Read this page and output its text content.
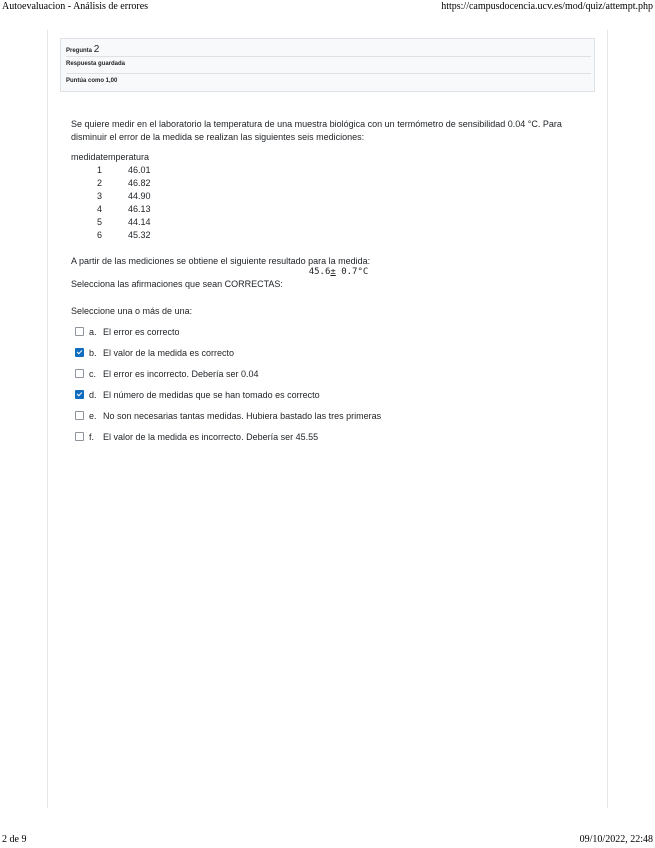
Autoevaluacion - Análisis de errores	https://campusdocencia.ucv.es/mod/quiz/attempt.php
Pregunta 2
Respuesta guardada
Puntúa como 1,00

Se quiere medir en el laboratorio la temperatura de una muestra biológica con un termómetro de sensibilidad 0.04 °C. Para disminuir el error de la medida se realizan las siguientes seis mediciones:

medidatemperatura	
1	46.01
2	46.82
3	44.90
4	46.13
5	44.14
6	45.32
A partir de las mediciones se obtiene el siguiente resultado para la medida:
45.6± 0.7°C
Selecciona las afirmaciones que sean CORRECTAS:
Seleccione una o más de una:
a. El error es correcto
b. El valor de la medida es correcto
c. El error es incorrecto. Debería ser 0.04
d. El número de medidas que se han tomado es correcto
e. No son necesarias tantas medidas. Hubiera bastado las tres primeras
f. El valor de la medida es incorrecto. Debería ser 45.55
2 de 9	09/10/2022, 22:48
